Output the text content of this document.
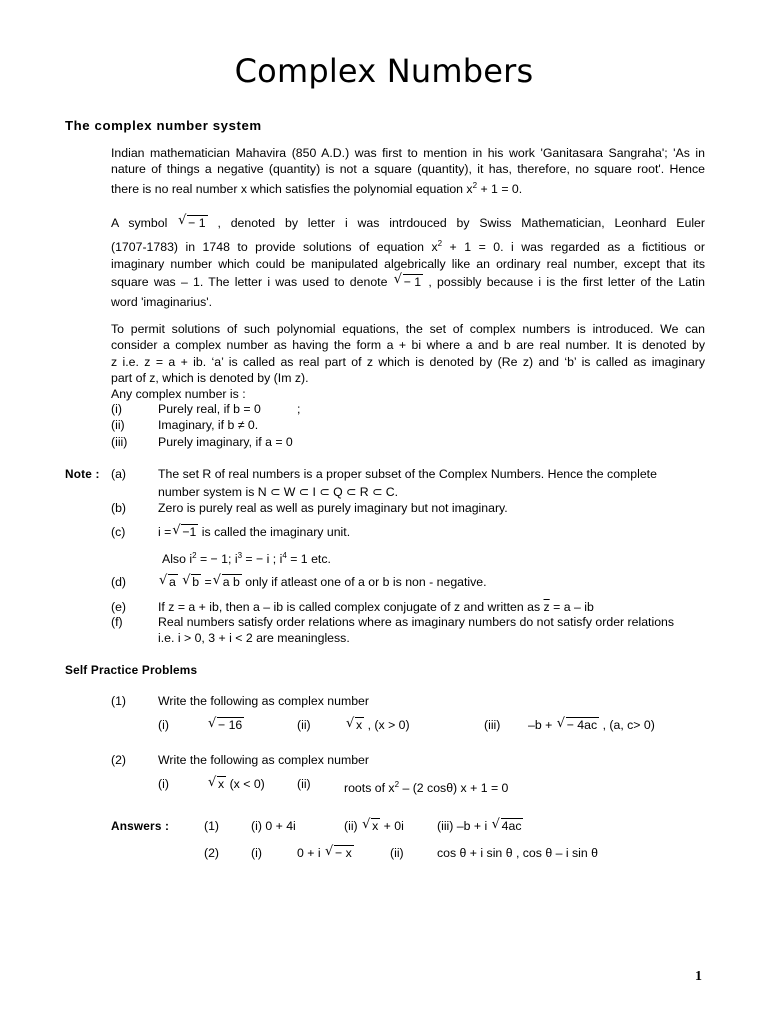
Complex Numbers
The complex number system
Indian mathematician Mahavira (850 A.D.) was first to mention in his work 'Ganitasara Sangraha'; 'As in
nature of things a negative (quantity) is not a square (quantity), it has, therefore, no square root'. Hence
there is no real number x which satisfies the polynomial equation $x^2 + 1 = 0$.
A symbol √ − 1 , denoted by letter i was intrdouced by Swiss Mathematician, Leonhard Euler
(1707-1783) in 1748 to provide solutions of equation $x^2 + 1 = 0$. i was regarded as a fictitious or
imaginary number which could be manipulated algebrically like an ordinary real number, except that its
square was – 1. The letter i was used to denote √ − 1 , possibly because i is the first letter of the Latin
word 'imaginarius'.
To permit solutions of such polynomial equations, the set of complex numbers is introduced. We can
consider a complex number as having the form a + bi where a and b are real number. It is denoted by
z i.e. z = a + ib. ‘a’ is called as real part of z which is denoted by (Re z) and ‘b’ is called as imaginary
part of z, which is denoted by (Im z).
Any complex number is :
(i)	Purely real, if b = 0	;
(ii)	Imaginary, if b ≠ 0.
(iii) Purely imaginary, if a = 0
Note : (a)	The set R of real numbers is a proper subset of the Complex Numbers. Hence the complete
number system is N ⊂ W ⊂ I ⊂ Q ⊂ R ⊂ C.
(b)	Zero is purely real as well as purely imaginary but not imaginary.
(c)	i = √ −1 is called the imaginary unit.
Also $i^2$ = − 1; $i^3$ = − i ; $i^4 = 1$ etc.
(d)	√ a √ b = √ a b only if atleast one of a or b is non - negative.
(e)	If z = a + ib, then a – ib is called complex conjugate of z and written as $\overline{z} = a$ – ib
(f)	Real numbers satisfy order relations where as imaginary numbers do not satisfy order relations
i.e. i > 0, 3 + i < 2 are meaningless.
Self Practice Problems
(1)	Write the following as complex number
(i)	√ − 16	(ii)	√ x , (x > 0)	(iii) –b + √ − 4ac , (a, c> 0)
(2)	Write the following as complex number
(i)	√ x (x < 0)	(ii)	roots of $x^2 - (2$ cosθ) x + 1 = 0
Answers :	(1)	(i) 0 + 4i	(ii) √ x + 0i	(iii) –b + i √ 4ac
(2)	(i)	0 + i √ − x	(ii)	cos θ + i sin θ , cos θ – i sin θ
1
